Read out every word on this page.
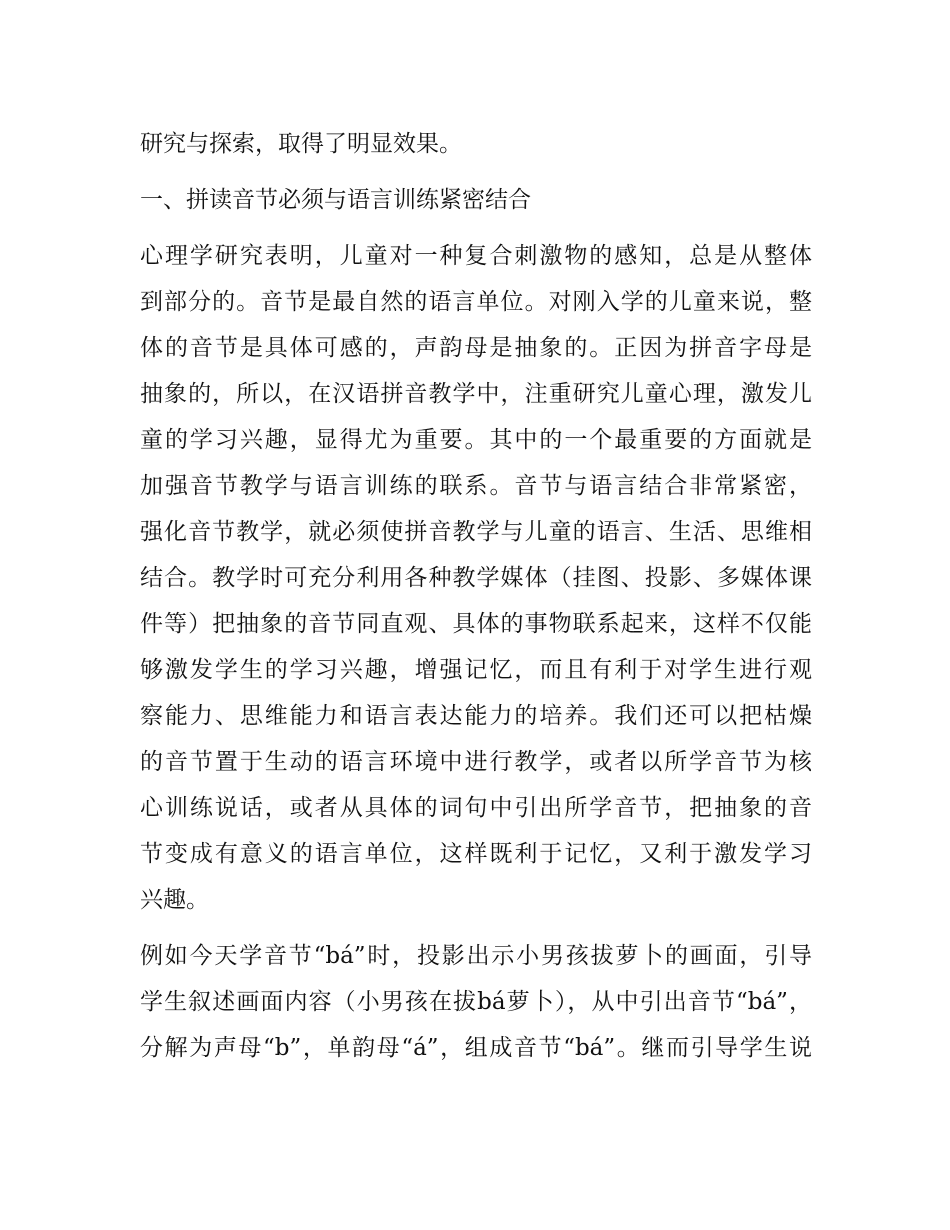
研究与探索，取得了明显效果。

一、拼读音节必须与语言训练紧密结合

心理学研究表明，儿童对一种复合刺激物的感知，总是从整体
到部分的。音节是最自然的语言单位。对刚入学的儿童来说，整
体的音节是具体可感的，声韵母是抽象的。正因为拼音字母是
抽象的，所以，在汉语拼音教学中，注重研究儿童心理，激发儿
童的学习兴趣，显得尤为重要。其中的一个最重要的方面就是
加强音节教学与语言训练的联系。音节与语言结合非常紧密，
强化音节教学，就必须使拼音教学与儿童的语言、生活、思维相
结合。教学时可充分利用各种教学媒体（挂图、投影、多媒体课
件等）把抽象的音节同直观、具体的事物联系起来，这样不仅能
够激发学生的学习兴趣，增强记忆，而且有利于对学生进行观
察能力、思维能力和语言表达能力的培养。我们还可以把枯燥
的音节置于生动的语言环境中进行教学，或者以所学音节为核
心训练说话，或者从具体的词句中引出所学音节，把抽象的音
节变成有意义的语言单位，这样既利于记忆，又利于激发学习
兴趣。

例如今天学音节“bá”时，投影出示小男孩拔萝卜的画面，引导
学生叙述画面内容（小男孩在拔bá萝卜），从中引出音节“bá”，
分解为声母“b”，单韵母“á”，组成音节“bá”。继而引导学生说
